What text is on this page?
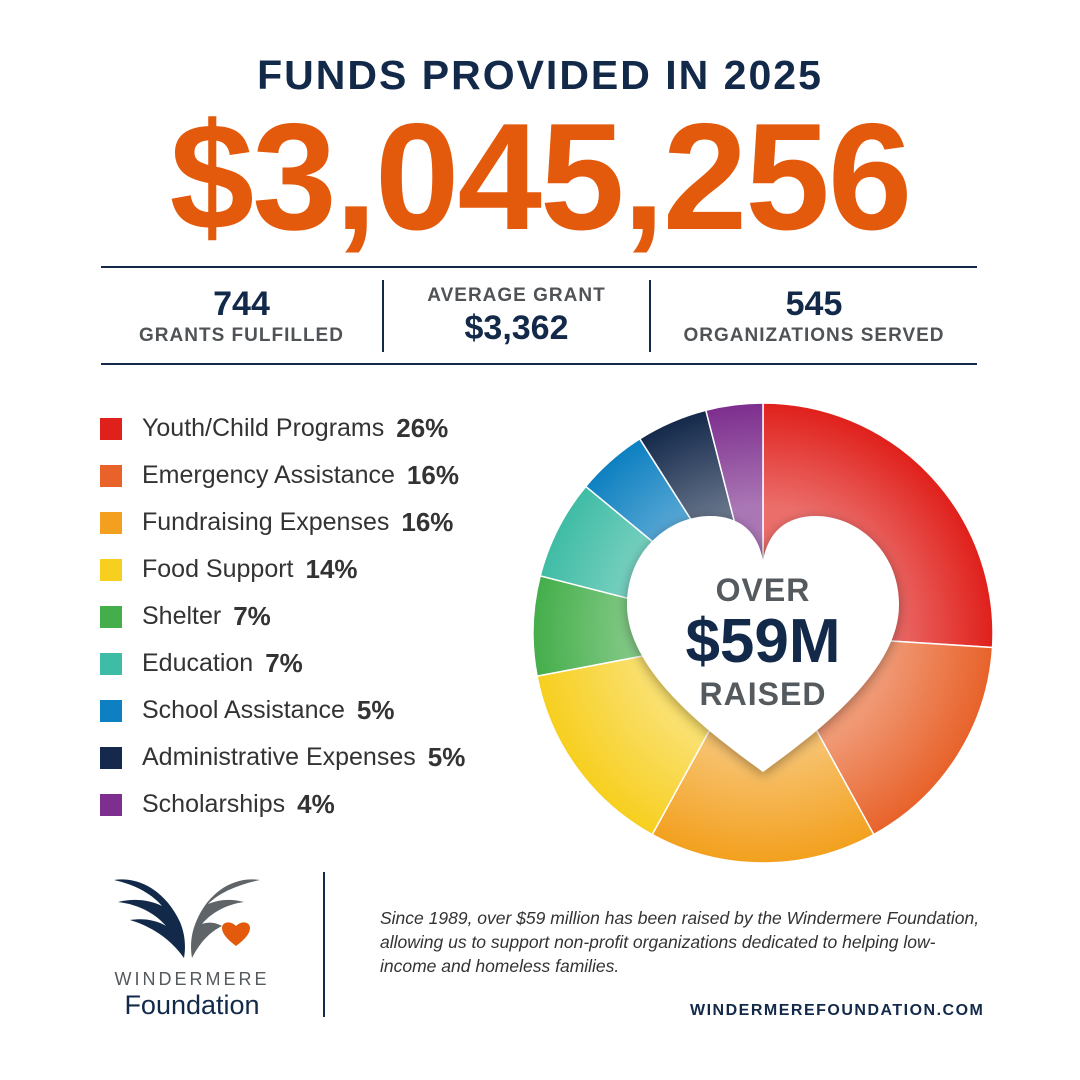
FUNDS PROVIDED IN 2025
$3,045,256
744
GRANTS FULFILLED
AVERAGE GRANT
$3,362
545
ORGANIZATIONS SERVED
Youth/Child Programs 26%
Emergency Assistance 16%
Fundraising Expenses 16%
Food Support 14%
Shelter 7%
Education 7%
School Assistance 5%
Administrative Expenses 5%
Scholarships 4%
OVER
$59M
RAISED
WINDERMERE
Foundation
Since 1989, over $59 million has been raised by the Windermere Foundation, allowing us to support non-profit organizations dedicated to helping low-income and homeless families.
WINDERMEREFOUNDATION.COM
